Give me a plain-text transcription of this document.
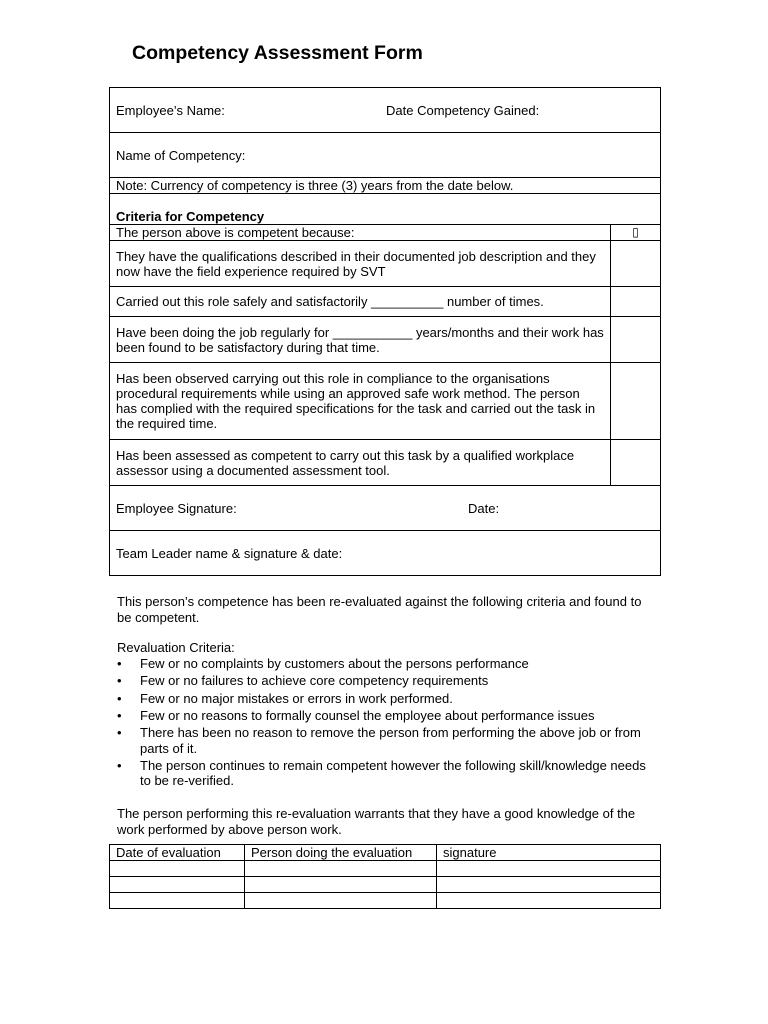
Competency Assessment Form
Employee’s Name: Date Competency Gained:	

Name of Competency:	
Note: Currency of competency is three (3) years from the date below.	
Criteria for Competency	
The person above is competent because:	▯
They have the qualifications described in their documented job description and they now have the field experience required by SVT	
Carried out this role safely and satisfactorily __________ number of times.	
Have been doing the job regularly for ___________ years/months and their work has been found to be satisfactory during that time.	
Has been observed carrying out this role in compliance to the organisations procedural requirements while using an approved safe work method. The person has complied with the required specifications for the task and carried out the task in the required time.	
Has been assessed as competent to carry out this task by a qualified workplace assessor using a documented assessment tool.	

Employee Signature: Date:	

Team Leader name & signature & date:	
This person’s competence has been re-evaluated against the following criteria and found to be competent.
Revaluation Criteria:
• Few or no complaints by customers about the persons performance
• Few or no failures to achieve core competency requirements
• Few or no major mistakes or errors in work performed.
• Few or no reasons to formally counsel the employee about performance issues
• There has been no reason to remove the person from performing the above job or from parts of it.
• The person continues to remain competent however the following skill/knowledge needs to be re-verified.
The person performing this re-evaluation warrants that they have a good knowledge of the work performed by above person work.
Date of evaluation	Person doing the evaluation	signature
